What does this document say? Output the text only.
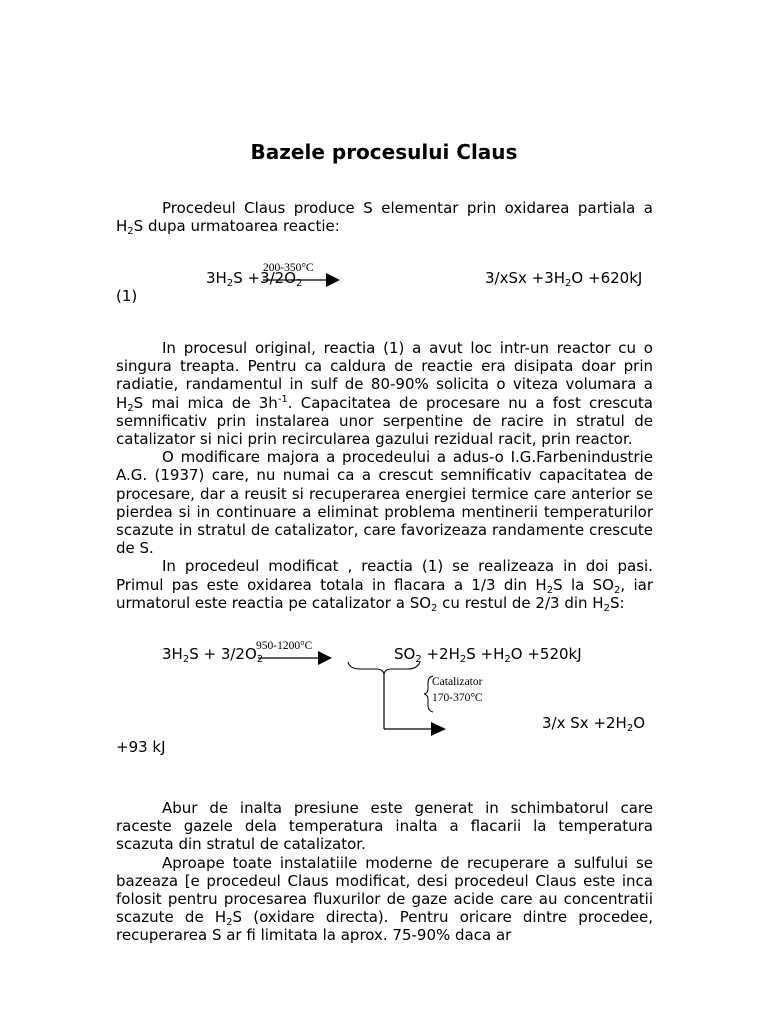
Bazele procesului Claus

Procedeul Claus produce S elementar prin oxidarea partiala a $H_2S$ dupa urmatoarea reactie:

$3H_2S +3/2O_2$
200-350°C
$3/xSx +3H_2O +620kJ$
(1)

In procesul original, reactia (1) a avut loc intr-un reactor cu o singura treapta. Pentru ca caldura de reactie era disipata doar prin radiatie, randamentul in sulf de 80-90% solicita o viteza volumara a $H_2S$ mai mica de $3h^{-1}$. Capacitatea de procesare nu a fost crescuta semnificativ prin instalarea unor serpentine de racire in stratul de catalizator si nici prin recircularea gazului rezidual racit, prin reactor.

O modificare majora a procedeului a adus-o I.G.Farbenindustrie A.G. (1937) care, nu numai ca a crescut semnificativ capacitatea de procesare, dar a reusit si recuperarea energiei termice care anterior se pierdea si in continuare a eliminat problema mentinerii temperaturilor scazute in stratul de catalizator, care favorizeaza randamente crescute de S.

In procedeul modificat , reactia (1) se realizeaza in doi pasi. Primul pas este oxidarea totala in flacara a 1/3 din $H_2S$ la $SO_2$, iar urmatorul este reactia pe catalizator a $SO_2$ cu restul de 2/3 din $H_2S$:

$3H_2S + 3/2O_2$
950-1200°C	$SO_2 +2H_2S +H_2O +520kJ$
Catalizator
170-370°C
3/x $Sx +2H_2O$
+93 kJ

Abur de inalta presiune este generat in schimbatorul care raceste gazele dela temperatura inalta a flacarii la temperatura scazuta din stratul de catalizator.

Aproape toate instalatiile moderne de recuperare a sulfului se bazeaza [e procedeul Claus modificat, desi procedeul Claus este inca folosit pentru procesarea fluxurilor de gaze acide care au concentratii scazute de $H_2S$ (oxidare directa). Pentru oricare dintre procedee, recuperarea S ar fi limitata la aprox. 75-90% daca ar
